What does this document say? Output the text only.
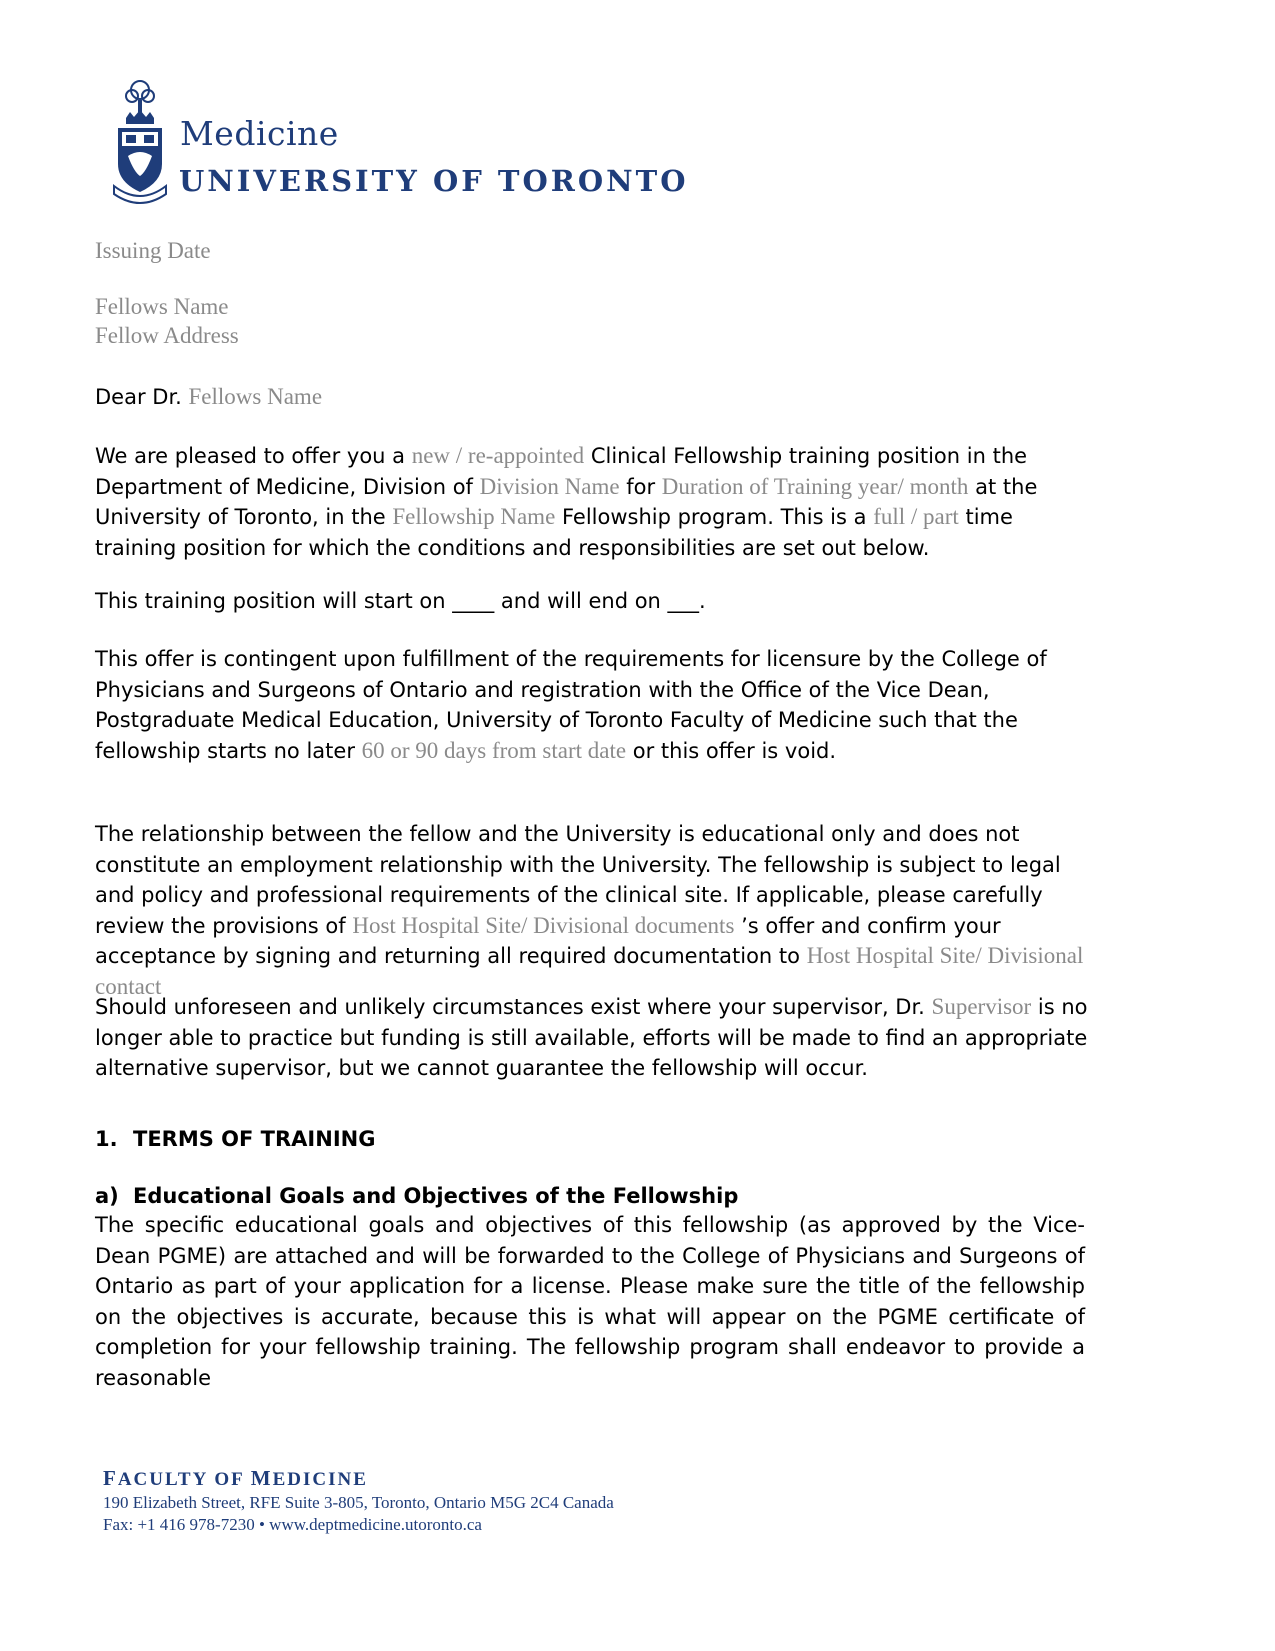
Medicine
UNIVERSITY OF TORONTO
Issuing Date
Fellows Name
Fellow Address
Dear Dr. Fellows Name
We are pleased to offer you a new / re-appointed Clinical Fellowship training position in the Department of Medicine, Division of Division Name for Duration of Training year/ month at the University of Toronto, in the Fellowship Name Fellowship program. This is a full / part time training position for which the conditions and responsibilities are set out below.
This training position will start on ____ and will end on ___.
This offer is contingent upon fulfillment of the requirements for licensure by the College of Physicians and Surgeons of Ontario and registration with the Office of the Vice Dean, Postgraduate Medical Education, University of Toronto Faculty of Medicine such that the fellowship starts no later 60 or 90 days from start date or this offer is void.
The relationship between the fellow and the University is educational only and does not constitute an employment relationship with the University. The fellowship is subject to legal and policy and professional requirements of the clinical site. If applicable, please carefully review the provisions of Host Hospital Site/ Divisional documents ’s offer and confirm your acceptance by signing and returning all required documentation to Host Hospital Site/ Divisional contact
Should unforeseen and unlikely circumstances exist where your supervisor, Dr. Supervisor is no longer able to practice but funding is still available, efforts will be made to find an appropriate alternative supervisor, but we cannot guarantee the fellowship will occur.
1. TERMS OF TRAINING
a) Educational Goals and Objectives of the Fellowship
The specific educational goals and objectives of this fellowship (as approved by the Vice-Dean PGME) are attached and will be forwarded to the College of Physicians and Surgeons of Ontario as part of your application for a license. Please make sure the title of the fellowship on the objectives is accurate, because this is what will appear on the PGME certificate of completion for your fellowship training. The fellowship program shall endeavor to provide a reasonable
FACULTY OF MEDICINE
190 Elizabeth Street, RFE Suite 3-805, Toronto, Ontario M5G 2C4 Canada
Fax: +1 416 978-7230 • www.deptmedicine.utoronto.ca
